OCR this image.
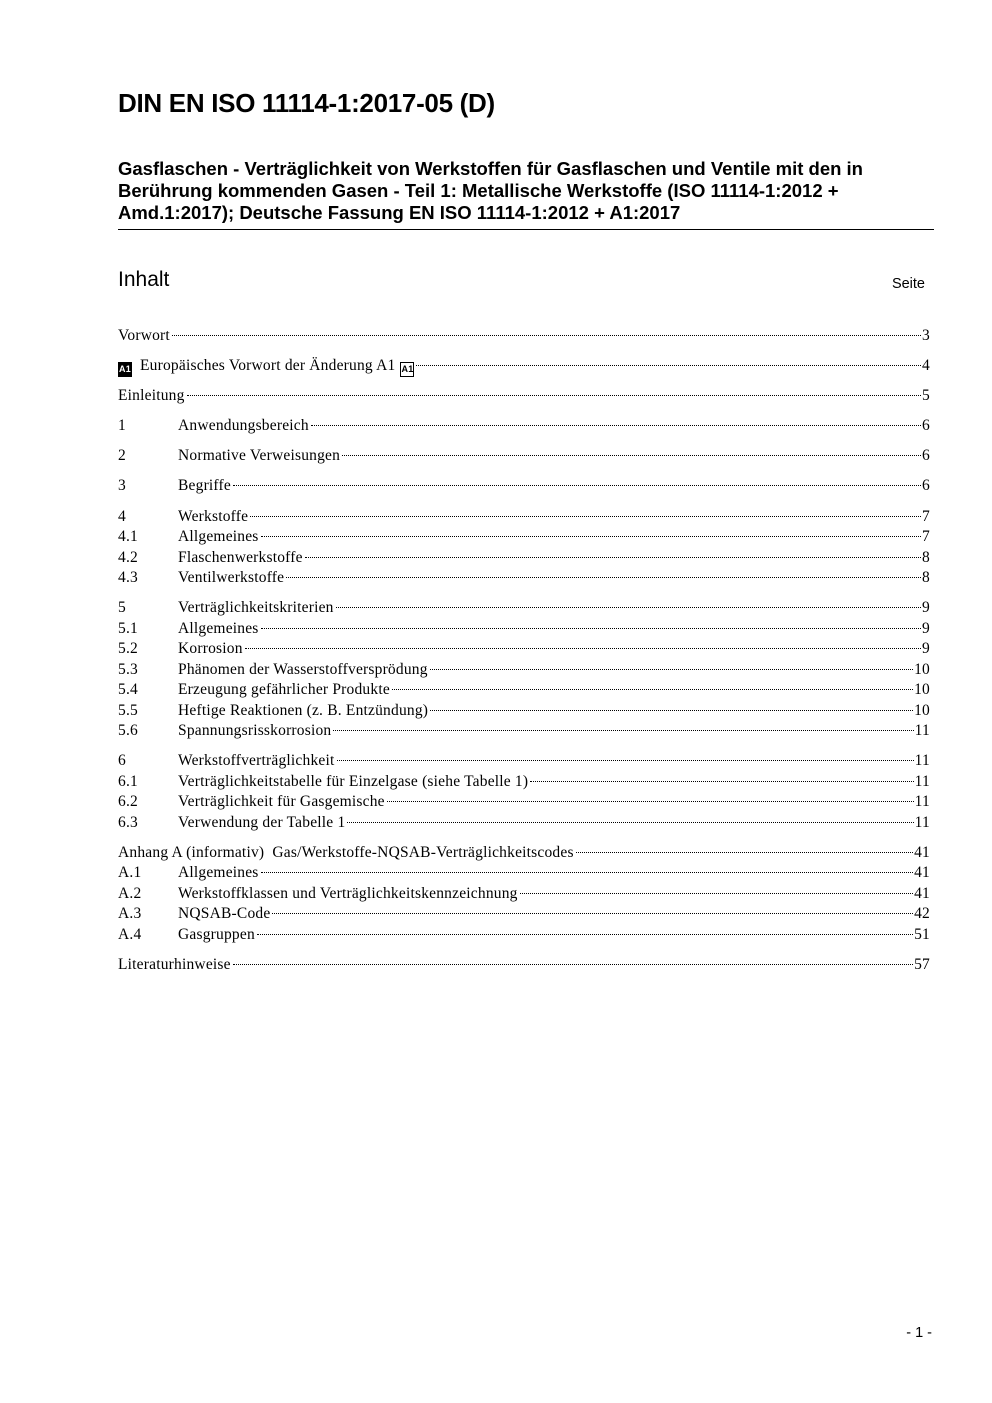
DIN EN ISO 11114-1:2017-05 (D)
Gasflaschen - Verträglichkeit von Werkstoffen für Gasflaschen und Ventile mit den in
Berührung kommenden Gasen - Teil 1: Metallische Werkstoffe (ISO 11114-1:2012 +
Amd.1:2017); Deutsche Fassung EN ISO 11114-1:2012 + A1:2017
Inhalt	Seite
Vorwort	3
A1 Europäisches Vorwort der Änderung A1 A1	4
Einleitung	5
1	Anwendungsbereich	6
2	Normative Verweisungen	6
3	Begriffe	6
4	Werkstoffe	7
4.1	Allgemeines	7
4.2	Flaschenwerkstoffe	8
4.3	Ventilwerkstoffe	8
5	Verträglichkeitskriterien	9
5.1	Allgemeines	9
5.2	Korrosion	9
5.3	Phänomen der Wasserstoffversprödung	10
5.4	Erzeugung gefährlicher Produkte	10
5.5	Heftige Reaktionen (z. B. Entzündung)	10
5.6	Spannungsrisskorrosion	11
6	Werkstoffverträglichkeit	11
6.1	Verträglichkeitstabelle für Einzelgase (siehe Tabelle 1)	11
6.2	Verträglichkeit für Gasgemische	11
6.3	Verwendung der Tabelle 1	11
Anhang A (informativ)  Gas/Werkstoffe-NQSAB-Verträglichkeitscodes	41
A.1	Allgemeines	41
A.2	Werkstoffklassen und Verträglichkeitskennzeichnung	41
A.3	NQSAB-Code	42
A.4	Gasgruppen	51
Literaturhinweise	57
- 1 -
